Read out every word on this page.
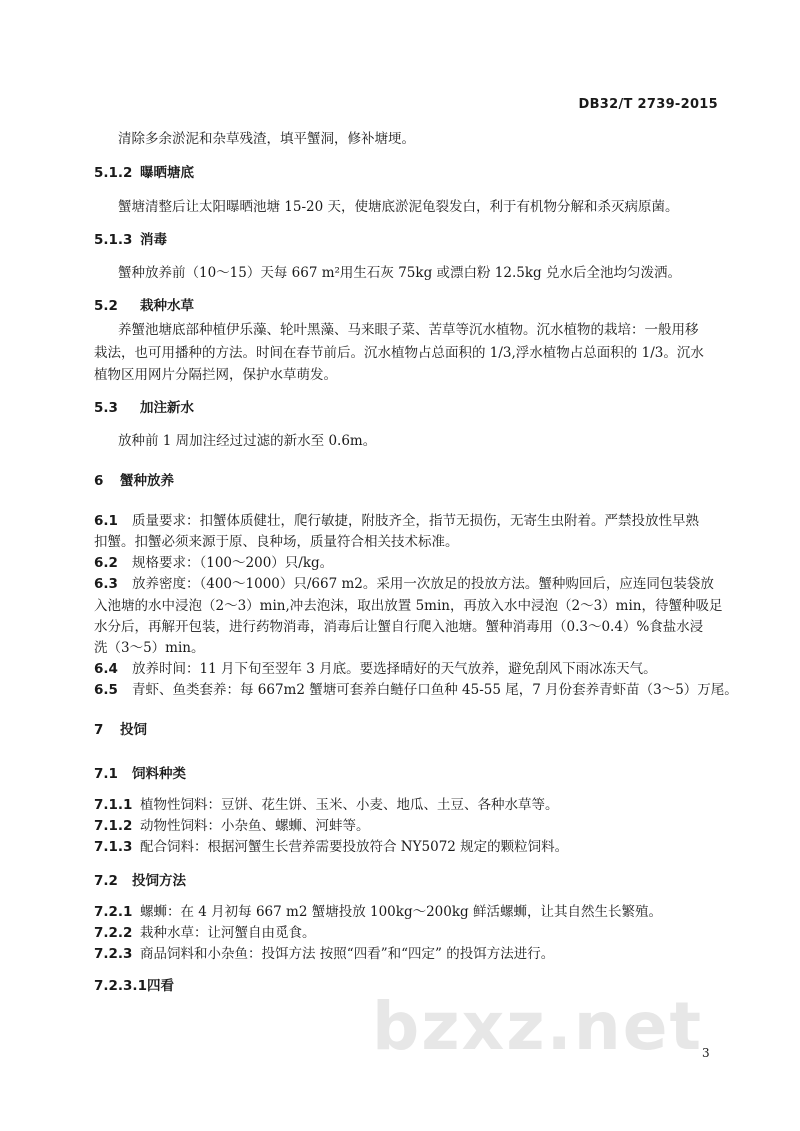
DB32/T 2739-2015
清除多余淤泥和杂草残渣，填平蟹洞，修补塘埂。
5.1.2 曝晒塘底
蟹塘清整后让太阳曝晒池塘 15-20 天，使塘底淤泥龟裂发白，利于有机物分解和杀灭病原菌。
5.1.3 消毒
蟹种放养前（10～15）天每 667 m²用生石灰 75kg 或漂白粉 12.5kg 兑水后全池均匀泼洒。
5.2 栽种水草
养蟹池塘底部种植伊乐藻、轮叶黑藻、马来眼子菜、苦草等沉水植物。沉水植物的栽培：一般用移
栽法，也可用播种的方法。时间在春节前后。沉水植物占总面积的 1/3,浮水植物占总面积的 1/3。沉水
植物区用网片分隔拦网，保护水草萌发。
5.3 加注新水
放种前 1 周加注经过过滤的新水至 0.6m。
6 蟹种放养
6.1 质量要求：扣蟹体质健壮，爬行敏捷，附肢齐全，指节无损伤，无寄生虫附着。严禁投放性早熟
扣蟹。扣蟹必须来源于原、良种场，质量符合相关技术标准。
6.2 规格要求：（100～200）只/kg。
6.3 放养密度：（400～1000）只/667 m2。采用一次放足的投放方法。蟹种购回后，应连同包装袋放
入池塘的水中浸泡（2～3）min,冲去泡沫，取出放置 5min，再放入水中浸泡（2～3）min，待蟹种吸足
水分后，再解开包装，进行药物消毒，消毒后让蟹自行爬入池塘。蟹种消毒用（0.3～0.4）%食盐水浸
洗（3～5）min。
6.4 放养时间：11 月下旬至翌年 3 月底。要选择晴好的天气放养，避免刮风下雨冰冻天气。
6.5 青虾、鱼类套养：每 667m2 蟹塘可套养白鲢仔口鱼种 45-55 尾，7 月份套养青虾苗（3～5）万尾。
7 投饲
7.1 饲料种类
7.1.1 植物性饲料：豆饼、花生饼、玉米、小麦、地瓜、土豆、各种水草等。
7.1.2 动物性饲料：小杂鱼、螺蛳、河蚌等。
7.1.3 配合饲料：根据河蟹生长营养需要投放符合 NY5072 规定的颗粒饲料。
7.2 投饲方法
7.2.1 螺蛳：在 4 月初每 667 m2 蟹塘投放 100kg～200kg 鲜活螺蛳，让其自然生长繁殖。
7.2.2 栽种水草：让河蟹自由觅食。
7.2.3 商品饲料和小杂鱼：投饵方法 按照“四看”和“四定” 的投饵方法进行。
7.2.3.1四看
bzxz.net
3
